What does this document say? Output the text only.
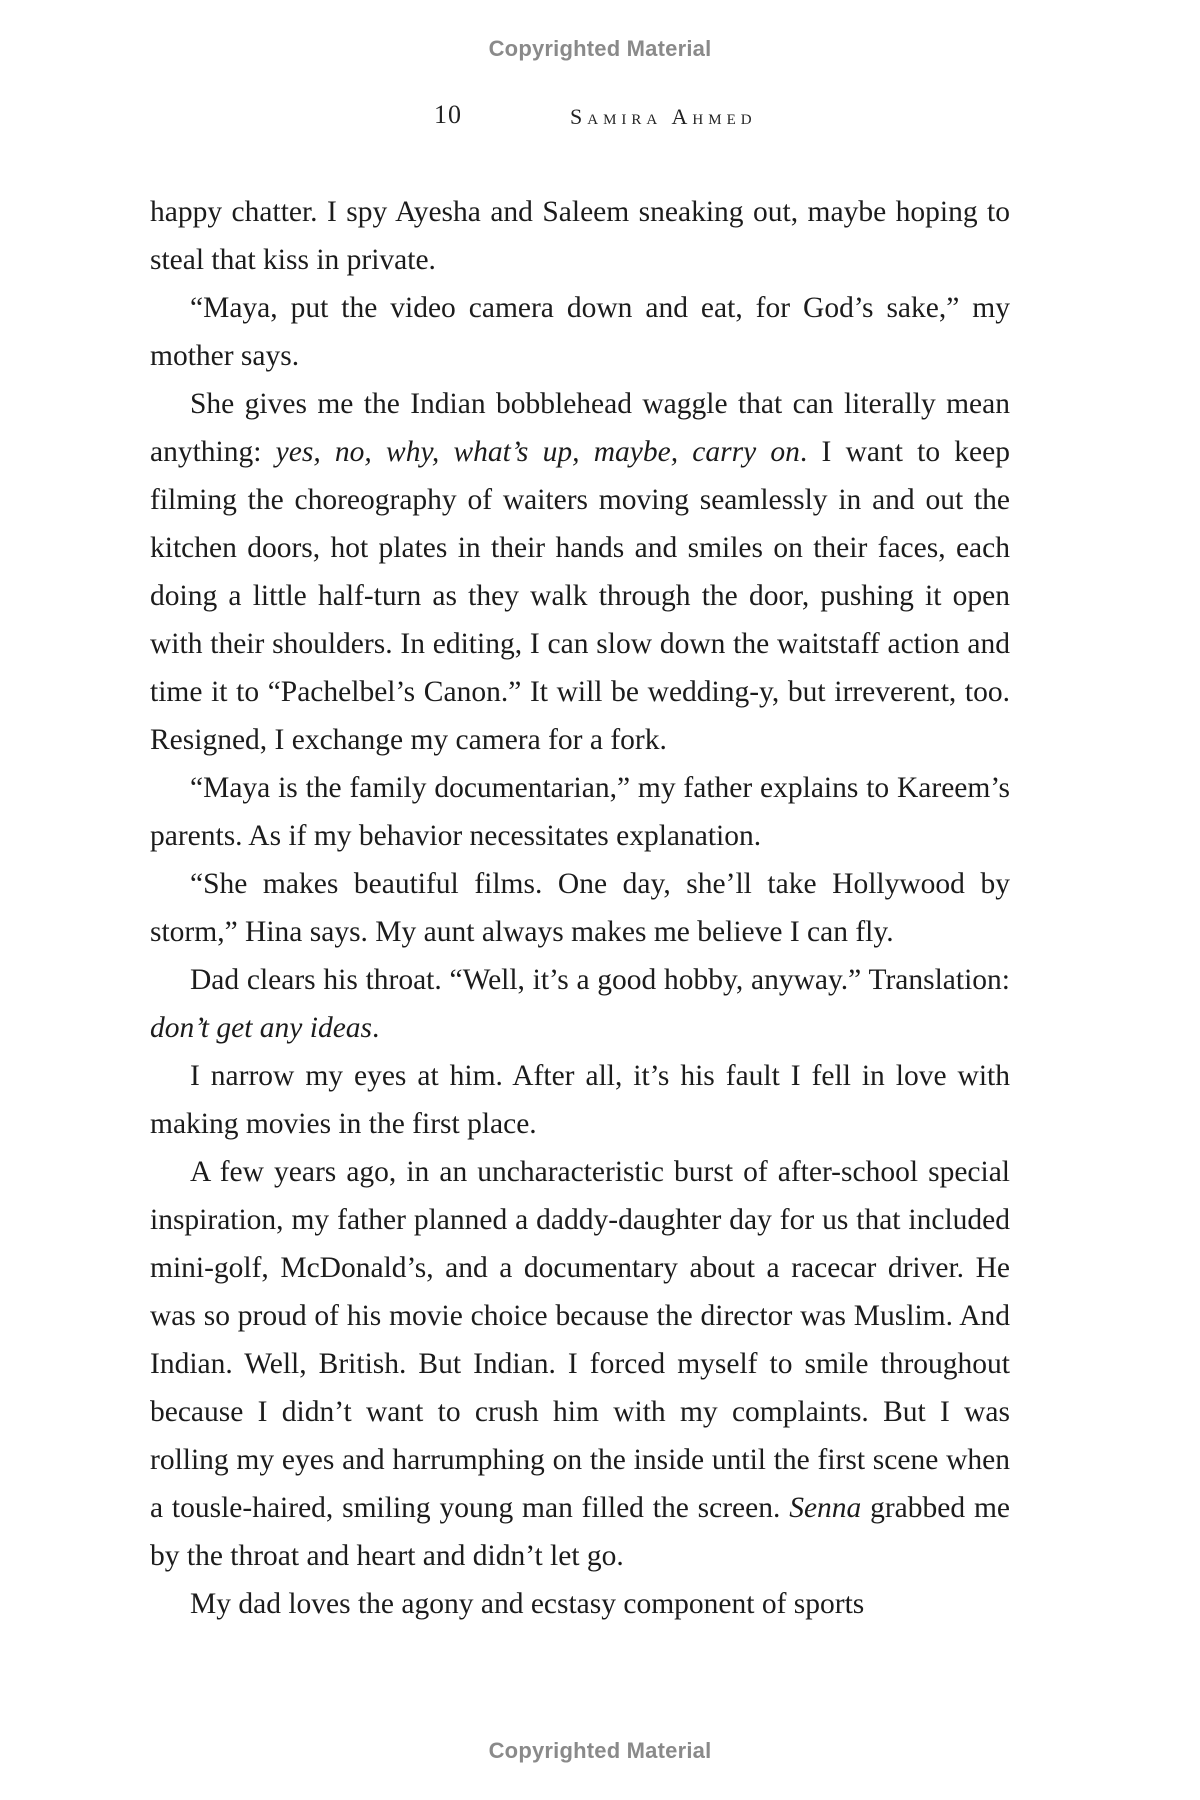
Copyrighted Material
10	Samira Ahmed

happy chatter. I spy Ayesha and Saleem sneaking out, maybe hoping to steal that kiss in private.

“Maya, put the video camera down and eat, for God’s sake,” my mother says.

She gives me the Indian bobblehead waggle that can literally mean anything: yes, no, why, what’s up, maybe, carry on. I want to keep filming the choreography of waiters moving seamlessly in and out the kitchen doors, hot plates in their hands and smiles on their faces, each doing a little half-turn as they walk through the door, pushing it open with their shoulders. In editing, I can slow down the waitstaff action and time it to “Pachelbel’s Canon.” It will be wedding-y, but irreverent, too. Resigned, I exchange my camera for a fork.

“Maya is the family documentarian,” my father explains to Kareem’s parents. As if my behavior necessitates explanation.

“She makes beautiful films. One day, she’ll take Hollywood by storm,” Hina says. My aunt always makes me believe I can fly.

Dad clears his throat. “Well, it’s a good hobby, anyway.” Translation: don’t get any ideas.

I narrow my eyes at him. After all, it’s his fault I fell in love with making movies in the first place.

A few years ago, in an uncharacteristic burst of after-school special inspiration, my father planned a daddy-daughter day for us that included mini-golf, McDonald’s, and a documentary about a racecar driver. He was so proud of his movie choice because the director was Muslim. And Indian. Well, British. But Indian. I forced myself to smile throughout because I didn’t want to crush him with my complaints. But I was rolling my eyes and harrumphing on the inside until the first scene when a tousle-haired, smiling young man filled the screen. Senna grabbed me by the throat and heart and didn’t let go.

My dad loves the agony and ecstasy component of sports

Copyrighted Material
